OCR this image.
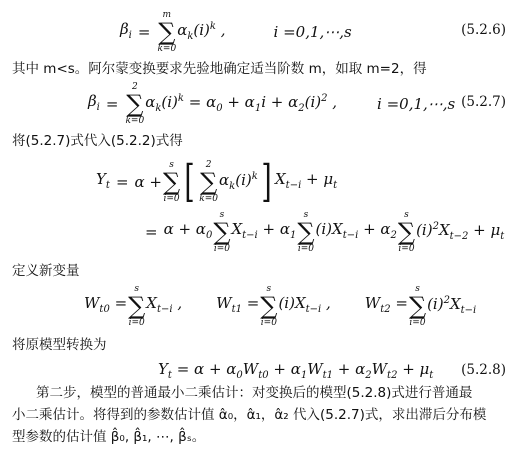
$\beta_i$ =
m
∑
k=0
$\alpha_k(i)^k$ ,	i =0,1,⋯,s	(5.2.6)
其中 m<s。阿尔蒙变换要求先验地确定适当阶数 m，如取 m=2，得
$\beta_i$ =
2
∑
k=0
$\alpha_k(i)^k = \alpha_0 + \alpha_1i + \alpha_2(i)^2$ ,	i =0,1,⋯,s (5.2.7)
将(5.2.7)式代入(5.2.2)式得
$Y_t = \alpha$ +
s
∑
i=0 [ 2
∑
k=0
$\alpha_k(i)^k$ ] $X_{t-i} + \mu_t$
= $\alpha + \alpha_0$
s
∑
i=0
$X_{t-i} + \alpha_1$
s
∑
i=0
$(i)X_{t-i} + \alpha_2$
s
∑
i=0
$(i)^2X_{t-2} + \mu_t$
定义新变量
$W_{t0}$ =
s
∑
i=0
$X_{t-i}$ , $W_{t1}$ =
s
∑
i=0
$(i)X_{t-i}$ , $W_{t2}$ =
s
∑
i=0
$(i)^2X_{t-i}$
将原模型转换为
$Y_t = \alpha + \alpha_0W_{t0} + \alpha_1W_{t1} + \alpha_2W_{t2} + \mu_t$ (5.2.8)
第二步，模型的普通最小二乘估计：对变换后的模型(5.2.8)式进行普通最
小二乘估计。将得到的参数估计值 α̂₀，α̂₁，α̂₂ 代入(5.2.7)式，求出滞后分布模
型参数的估计值 β̂₀, β̂₁, ⋯, β̂ₛ。
